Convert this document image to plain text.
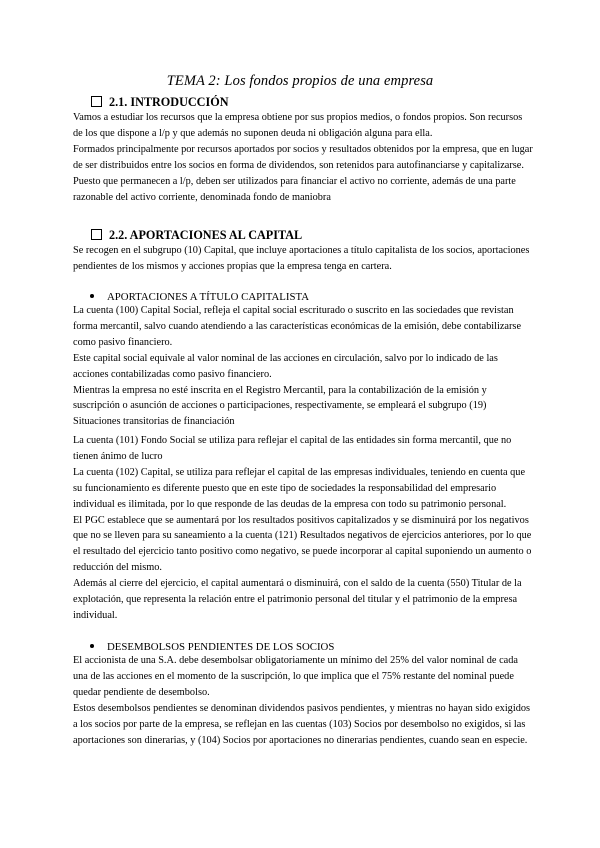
TEMA 2: Los fondos propios de una empresa
2.1. INTRODUCCIÓN

Vamos a estudiar los recursos que la empresa obtiene por sus propios medios, o fondos propios. Son recursos de los que dispone a l/p y que además no suponen deuda ni obligación alguna para ella.

Formados principalmente por recursos aportados por socios y resultados obtenidos por la empresa, que en lugar de ser distribuidos entre los socios en forma de dividendos, son retenidos para autofinanciarse y capitalizarse.

Puesto que permanecen a l/p, deben ser utilizados para financiar el activo no corriente, además de una parte razonable del activo corriente, denominada fondo de maniobra

2.2. APORTACIONES AL CAPITAL

Se recogen en el subgrupo (10) Capital, que incluye aportaciones a título capitalista de los socios, aportaciones pendientes de los mismos y acciones propias que la empresa tenga en cartera.

APORTACIONES A TÍTULO CAPITALISTA

La cuenta (100) Capital Social, refleja el capital social escriturado o suscrito en las sociedades que revistan forma mercantil, salvo cuando atendiendo a las características económicas de la emisión, debe contabilizarse como pasivo financiero.

Este capital social equivale al valor nominal de las acciones en circulación, salvo por lo indicado de las acciones contabilizadas como pasivo financiero.

Mientras la empresa no esté inscrita en el Registro Mercantil, para la contabilización de la emisión y suscripción o asunción de acciones o participaciones, respectivamente, se empleará el subgrupo (19) Situaciones transitorias de financiación

La cuenta (101) Fondo Social se utiliza para reflejar el capital de las entidades sin forma mercantil, que no tienen ánimo de lucro

La cuenta (102) Capital, se utiliza para reflejar el capital de las empresas individuales, teniendo en cuenta que su funcionamiento es diferente puesto que en este tipo de sociedades la responsabilidad del empresario individual es ilimitada, por lo que responde de las deudas de la empresa con todo su patrimonio personal.

El PGC establece que se aumentará por los resultados positivos capitalizados y se disminuirá por los negativos que no se lleven para su saneamiento a la cuenta (121) Resultados negativos de ejercicios anteriores, por lo que el resultado del ejercicio tanto positivo como negativo, se puede incorporar al capital suponiendo un aumento o reducción del mismo.

Además al cierre del ejercicio, el capital aumentará o disminuirá, con el saldo de la cuenta (550) Titular de la explotación, que representa la relación entre el patrimonio personal del titular y el patrimonio de la empresa individual.

DESEMBOLSOS PENDIENTES DE LOS SOCIOS

El accionista de una S.A. debe desembolsar obligatoriamente un mínimo del 25% del valor nominal de cada una de las acciones en el momento de la suscripción, lo que implica que el 75% restante del nominal puede quedar pendiente de desembolso.

Estos desembolsos pendientes se denominan dividendos pasivos pendientes, y mientras no hayan sido exigidos a los socios por parte de la empresa, se reflejan en las cuentas (103) Socios por desembolso no exigidos, si las aportaciones son dinerarias, y (104) Socios por aportaciones no dinerarias pendientes, cuando sean en especie.
